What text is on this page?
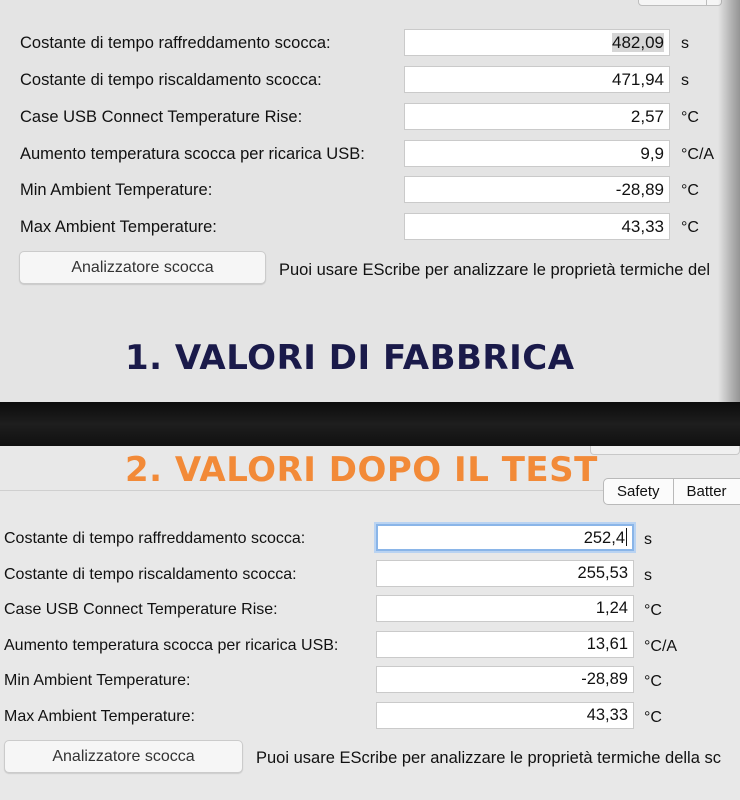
Costante di tempo raffreddamento scocca:	482,09	s
Costante di tempo riscaldamento scocca:	471,94	s
Case USB Connect Temperature Rise:	2,57	°C
Aumento temperatura scocca per ricarica USB:	9,9	°C/A
Min Ambient Temperature:	-28,89	°C
Max Ambient Temperature:	43,33	°C
Analizzatore scocca	Puoi usare EScribe per analizzare le proprietà termiche del
1. VALORI DI FABBRICA
Safety	Batter
Costante di tempo raffreddamento scocca:	252,4	s
Costante di tempo riscaldamento scocca:	255,53	s
Case USB Connect Temperature Rise:	1,24	°C
Aumento temperatura scocca per ricarica USB:	13,61	°C/A
Min Ambient Temperature:	-28,89	°C
Max Ambient Temperature:	43,33	°C
Analizzatore scocca	Puoi usare EScribe per analizzare le proprietà termiche della sc
2. VALORI DOPO IL TEST
